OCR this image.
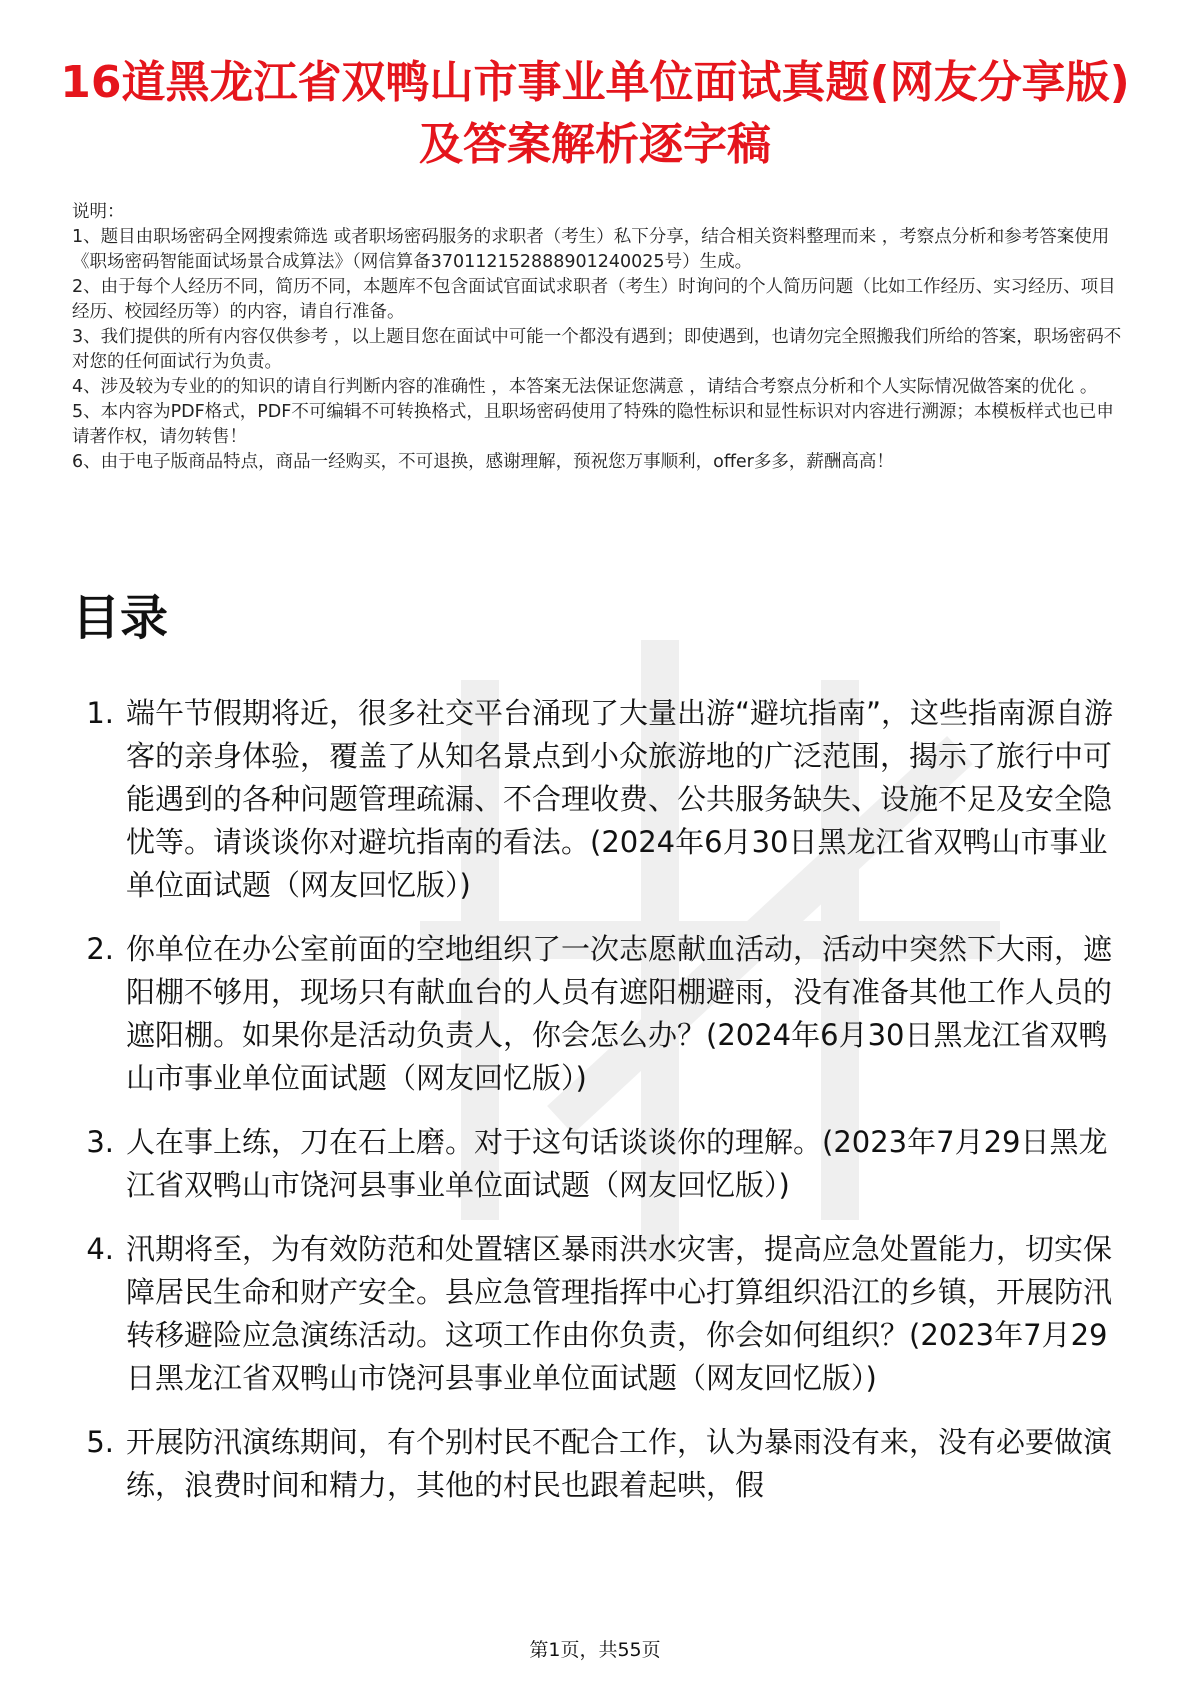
16道黑龙江省双鸭山市事业单位面试真题(网友分享版)及答案解析逐字稿

说明：

1、题目由职场密码全网搜索筛选 或者职场密码服务的求职者（考生）私下分享，结合相关资料整理而来 ，考察点分析和参考答案使用《职场密码智能面试场景合成算法》（网信算备370112152888901240025号）生成。

2、由于每个人经历不同，简历不同，本题库不包含面试官面试求职者（考生）时询问的个人简历问题（比如工作经历、实习经历、项目经历、校园经历等）的内容，请自行准备。

3、我们提供的所有内容仅供参考 ，以上题目您在面试中可能一个都没有遇到；即使遇到，也请勿完全照搬我们所给的答案，职场密码不对您的任何面试行为负责。

4、涉及较为专业的的知识的请自行判断内容的准确性 ，本答案无法保证您满意 ，请结合考察点分析和个人实际情况做答案的优化 。

5、本内容为PDF格式，PDF不可编辑不可转换格式，且职场密码使用了特殊的隐性标识和显性标识对内容进行溯源；本模板样式也已申请著作权，请勿转售！

6、由于电子版商品特点，商品一经购买，不可退换，感谢理解，预祝您万事顺利，offer多多，薪酬高高！

目录
1. 端午节假期将近，很多社交平台涌现了大量出游“避坑指南”，这些指南源自游客的亲身体验，覆盖了从知名景点到小众旅游地的广泛范围，揭示了旅行中可能遇到的各种问题管理疏漏、不合理收费、公共服务缺失、设施不足及安全隐忧等。请谈谈你对避坑指南的看法。(2024年6月30日黑龙江省双鸭山市事业单位面试题（网友回忆版）)
2. 你单位在办公室前面的空地组织了一次志愿献血活动，活动中突然下大雨，遮阳棚不够用，现场只有献血台的人员有遮阳棚避雨，没有准备其他工作人员的遮阳棚。如果你是活动负责人，你会怎么办？(2024年6月30日黑龙江省双鸭山市事业单位面试题（网友回忆版）)
3. 人在事上练，刀在石上磨。对于这句话谈谈你的理解。(2023年7月29日黑龙江省双鸭山市饶河县事业单位面试题（网友回忆版）)
4. 汛期将至，为有效防范和处置辖区暴雨洪水灾害，提高应急处置能力，切实保障居民生命和财产安全。县应急管理指挥中心打算组织沿江的乡镇，开展防汛转移避险应急演练活动。这项工作由你负责，你会如何组织？(2023年7月29日黑龙江省双鸭山市饶河县事业单位面试题（网友回忆版）)
5. 开展防汛演练期间，有个别村民不配合工作，认为暴雨没有来，没有必要做演练，浪费时间和精力，其他的村民也跟着起哄，假
第1页，共55页
